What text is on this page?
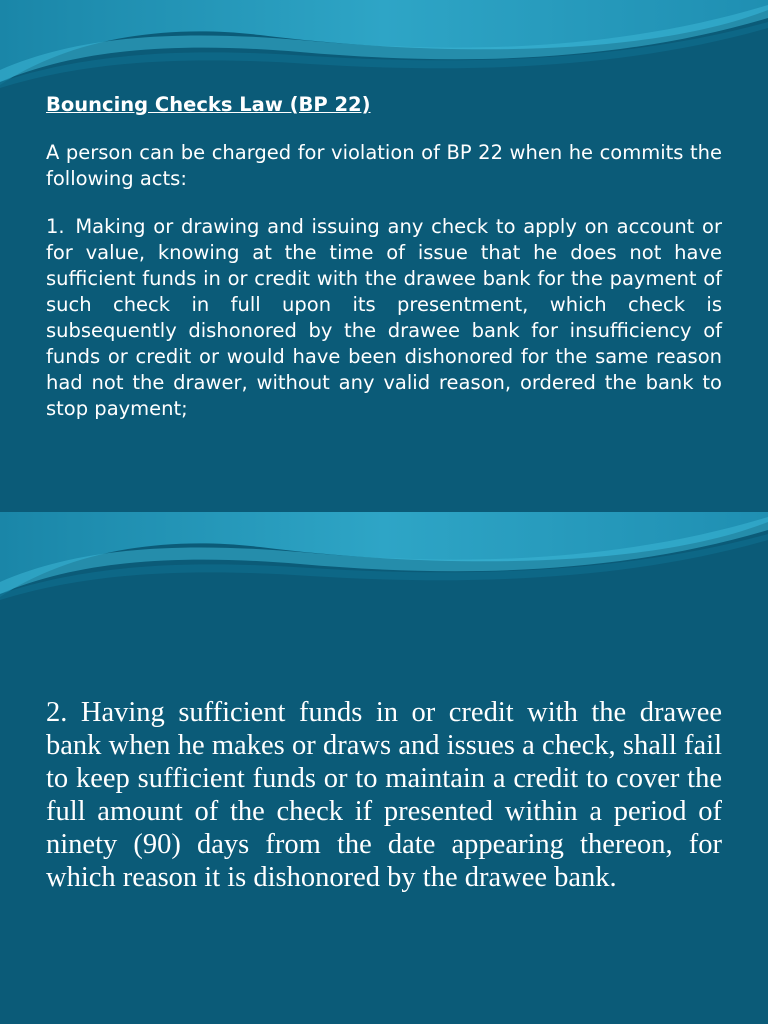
Bouncing Checks Law (BP 22)
A person can be charged for violation of BP 22 when he commits the following acts:
1. Making or drawing and issuing any check to apply on account or for value, knowing at the time of issue that he does not have sufficient funds in or credit with the drawee bank for the payment of such check in full upon its presentment, which check is subsequently dishonored by the drawee bank for insufficiency of funds or credit or would have been dishonored for the same reason had not the drawer, without any valid reason, ordered the bank to stop payment;
2. Having sufficient funds in or credit with the drawee bank when he makes or draws and issues a check, shall fail to keep sufficient funds or to maintain a credit to cover the full amount of the check if presented within a period of ninety (90) days from the date appearing thereon, for which reason it is dishonored by the drawee bank.
